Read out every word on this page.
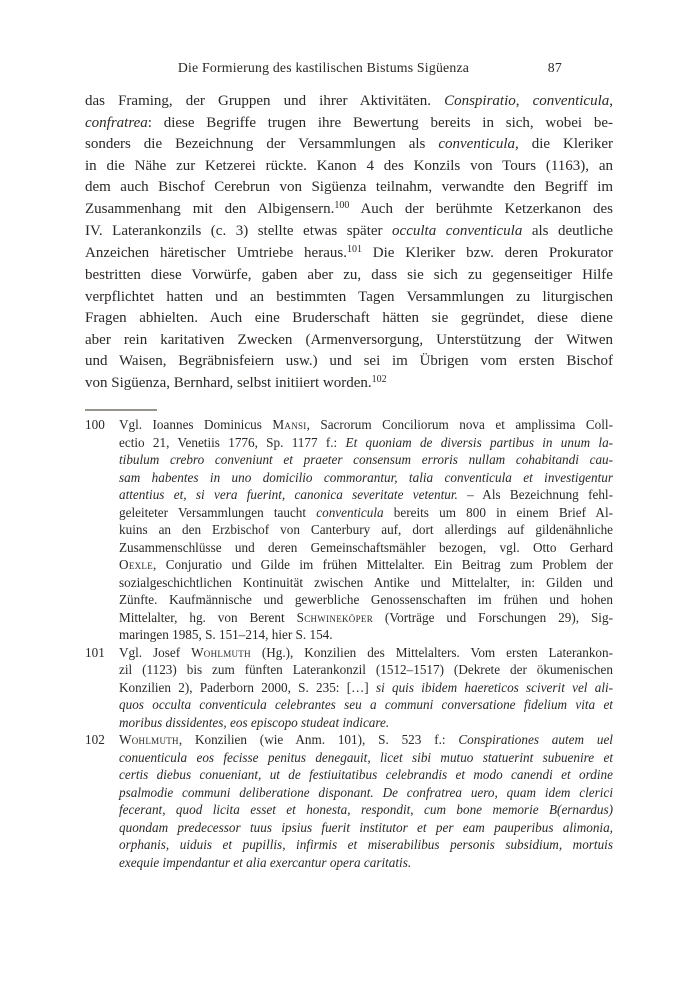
Die Formierung des kastilischen Bistums Sigüenza	87
das Framing, der Gruppen und ihrer Aktivitäten. Conspiratio, conventicula,
confratrea: diese Begriffe trugen ihre Bewertung bereits in sich, wobei be-
sonders die Bezeichnung der Versammlungen als conventicula, die Kleriker
in die Nähe zur Ketzerei rückte. Kanon 4 des Konzils von Tours (1163), an
dem auch Bischof Cerebrun von Sigüenza teilnahm, verwandte den Begriff im
Zusammenhang mit den Albigensern.$^{100}$ Auch der berühmte Ketzerkanon des
IV. Laterankonzils (c. 3) stellte etwas später occulta conventicula als deutliche
Anzeichen häretischer Umtriebe heraus.$^{101}$ Die Kleriker bzw. deren Prokurator
bestritten diese Vorwürfe, gaben aber zu, dass sie sich zu gegenseitiger Hilfe
verpflichtet hatten und an bestimmten Tagen Versammlungen zu liturgischen
Fragen abhielten. Auch eine Bruderschaft hätten sie gegründet, diese diene
aber rein karitativen Zwecken (Armenversorgung, Unterstützung der Witwen
und Waisen, Begräbnisfeiern usw.) und sei im Übrigen vom ersten Bischof
von Sigüenza, Bernhard, selbst initiiert worden.$^{102}$
100 Vgl. Ioannes Dominicus Mansi, Sacrorum Conciliorum nova et amplissima Coll-
ectio 21, Venetiis 1776, Sp. 1177 f.: Et quoniam de diversis partibus in unum la-
tibulum crebro conveniunt et praeter consensum erroris nullam cohabitandi cau-
sam habentes in uno domicilio commorantur, talia conventicula et investigentur
attentius et, si vera fuerint, canonica severitate vetentur. – Als Bezeichnung fehl-
geleiteter Versammlungen taucht conventicula bereits um 800 in einem Brief Al-
kuins an den Erzbischof von Canterbury auf, dort allerdings auf gildenähnliche
Zusammenschlüsse und deren Gemeinschaftsmähler bezogen, vgl. Otto Gerhard
Oexle, Conjuratio und Gilde im frühen Mittelalter. Ein Beitrag zum Problem der
sozialgeschichtlichen Kontinuität zwischen Antike und Mittelalter, in: Gilden und
Zünfte. Kaufmännische und gewerbliche Genossenschaften im frühen und hohen
Mittelalter, hg. von Berent Schwineköper (Vorträge und Forschungen 29), Sig-
maringen 1985, S. 151–214, hier S. 154.
101 Vgl. Josef Wohlmuth (Hg.), Konzilien des Mittelalters. Vom ersten Laterankon-
zil (1123) bis zum fünften Laterankonzil (1512–1517) (Dekrete der ökumenischen
Konzilien 2), Paderborn 2000, S. 235: […] si quis ibidem haereticos sciverit vel ali-
quos occulta conventicula celebrantes seu a communi conversatione fidelium vita et
moribus dissidentes, eos episcopo studeat indicare.
102 Wohlmuth, Konzilien (wie Anm. 101), S. 523 f.: Conspirationes autem uel
conuenticula eos fecisse penitus denegauit, licet sibi mutuo statuerint subuenire et
certis diebus conueniant, ut de festiuitatibus celebrandis et modo canendi et ordine
psalmodie communi deliberatione disponant. De confratrea uero, quam idem clerici
fecerant, quod licita esset et honesta, respondit, cum bone memorie B(ernardus)
quondam predecessor tuus ipsius fuerit institutor et per eam pauperibus alimonia,
orphanis, uiduis et pupillis, infirmis et miserabilibus personis subsidium, mortuis
exequie impendantur et alia exercantur opera caritatis.
